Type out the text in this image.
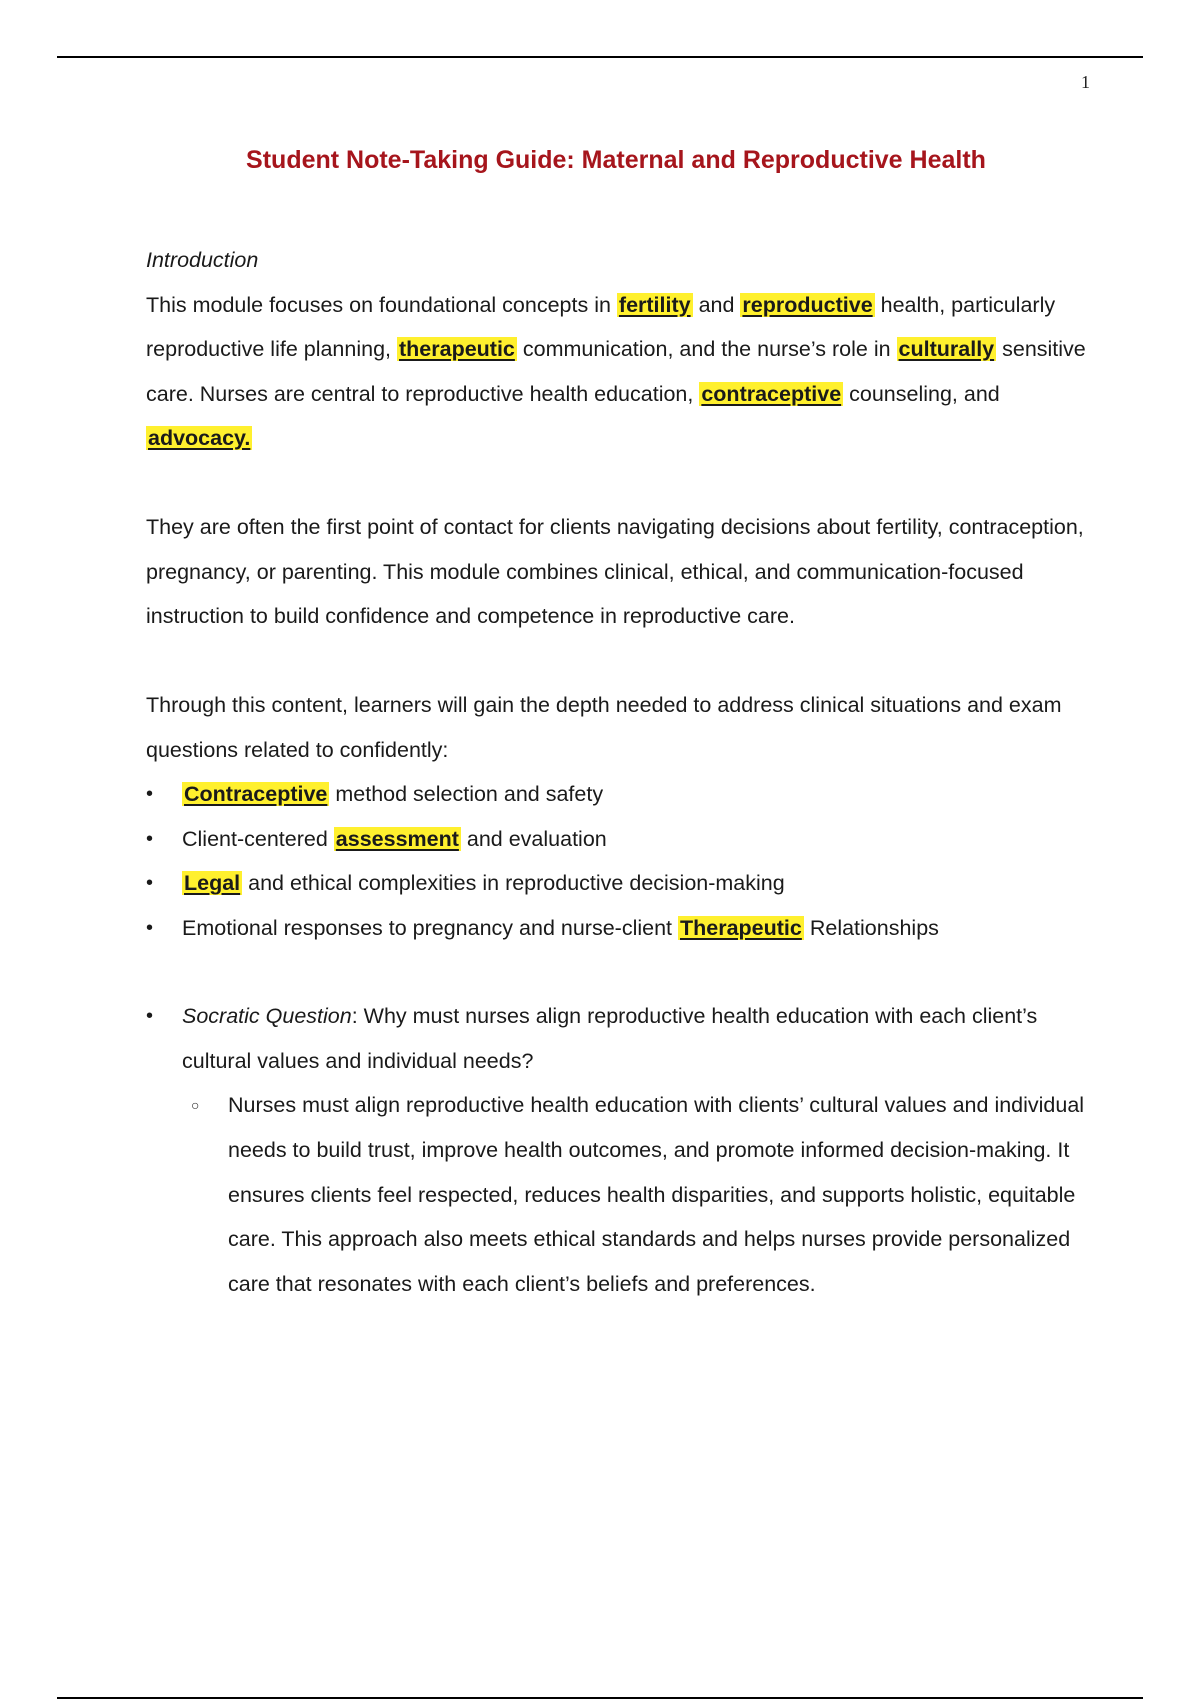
1
Student Note-Taking Guide: Maternal and Reproductive Health

Introduction

This module focuses on foundational concepts in fertility and reproductive health, particularly reproductive life planning, therapeutic communication, and the nurse’s role in culturally sensitive care. Nurses are central to reproductive health education, contraceptive counseling, and advocacy.

They are often the first point of contact for clients navigating decisions about fertility, contraception, pregnancy, or parenting. This module combines clinical, ethical, and communication-focused instruction to build confidence and competence in reproductive care.

Through this content, learners will gain the depth needed to address clinical situations and exam questions related to confidently:

• Contraceptive method selection and safety
• Client-centered assessment and evaluation
• Legal and ethical complexities in reproductive decision-making
• Emotional responses to pregnancy and nurse-client Therapeutic Relationships
• Socratic Question: Why must nurses align reproductive health education with each client’s cultural values and individual needs?
○ Nurses must align reproductive health education with clients’ cultural values and individual needs to build trust, improve health outcomes, and promote informed decision-making. It ensures clients feel respected, reduces health disparities, and supports holistic, equitable care. This approach also meets ethical standards and helps nurses provide personalized care that resonates with each client’s beliefs and preferences.
